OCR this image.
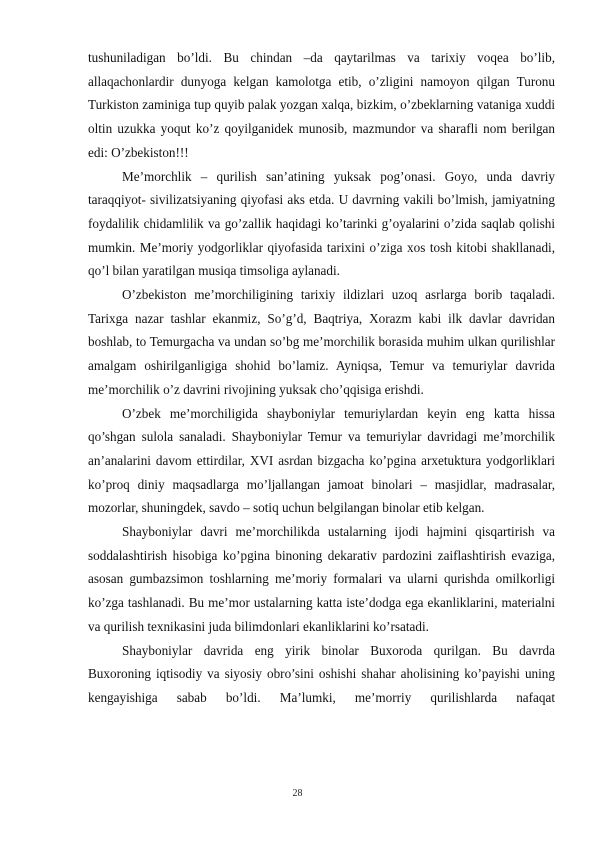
tushuniladigan bo’ldi. Bu chindan –da qaytarilmas va tarixiy voqea bo’lib, allaqachonlardir dunyoga kelgan kamolotga etib, o’zligini namoyon qilgan Turonu Turkiston zaminiga tup quyib palak yozgan xalqa, bizkim, o’zbeklarning vataniga xuddi oltin uzukka yoqut ko’z qoyilganidek munosib, mazmundor va sharafli nom berilgan edi: O’zbekiston!!!

Me’morchlik – qurilish san’atining yuksak pog’onasi. Goyo, unda davriy taraqqiyot- sivilizatsiyaning qiyofasi aks etda. U davrning vakili bo’lmish, jamiyatning foydalilik chidamlilik va go’zallik haqidagi ko’tarinki g’oyalarini o’zida saqlab qolishi mumkin. Me’moriy yodgorliklar qiyofasida tarixini o’ziga xos tosh kitobi shakllanadi, qo’l bilan yaratilgan musiqa timsoliga aylanadi.

O’zbekiston me’morchiligining tarixiy ildizlari uzoq asrlarga borib taqaladi. Tarixga nazar tashlar ekanmiz, So’g’d, Baqtriya, Xorazm kabi ilk davlar davridan boshlab, to Temurgacha va undan so’bg me’morchilik borasida muhim ulkan qurilishlar amalgam oshirilganligiga shohid bo’lamiz. Ayniqsa, Temur va temuriylar davrida me’morchilik o’z davrini rivojining yuksak cho’qqisiga erishdi.

O’zbek me’morchiligida shayboniylar temuriylardan keyin eng katta hissa qo’shgan sulola sanaladi. Shayboniylar Temur va temuriylar davridagi me’morchilik an’analarini davom ettirdilar, XVI asrdan bizgacha ko’pgina arxetuktura yodgorliklari ko’proq diniy maqsadlarga mo’ljallangan jamoat binolari – masjidlar, madrasalar, mozorlar, shuningdek, savdo – sotiq uchun belgilangan binolar etib kelgan.

Shayboniylar davri me’morchilikda ustalarning ijodi hajmini qisqartirish va soddalashtirish hisobiga ko’pgina binoning dekarativ pardozini zaiflashtirish evaziga, asosan gumbazsimon toshlarning me’moriy formalari va ularni qurishda omilkorligi ko’zga tashlanadi. Bu me’mor ustalarning katta iste’dodga ega ekanliklarini, materialni va qurilish texnikasini juda bilimdonlari ekanliklarini ko’rsatadi.

Shayboniylar davrida eng yirik binolar Buxoroda qurilgan. Bu davrda Buxoroning iqtisodiy va siyosiy obro’sini oshishi shahar aholisining ko’payishi uning kengayishiga sabab bo’ldi. Ma’lumki, me’morriy qurilishlarda nafaqat

28
